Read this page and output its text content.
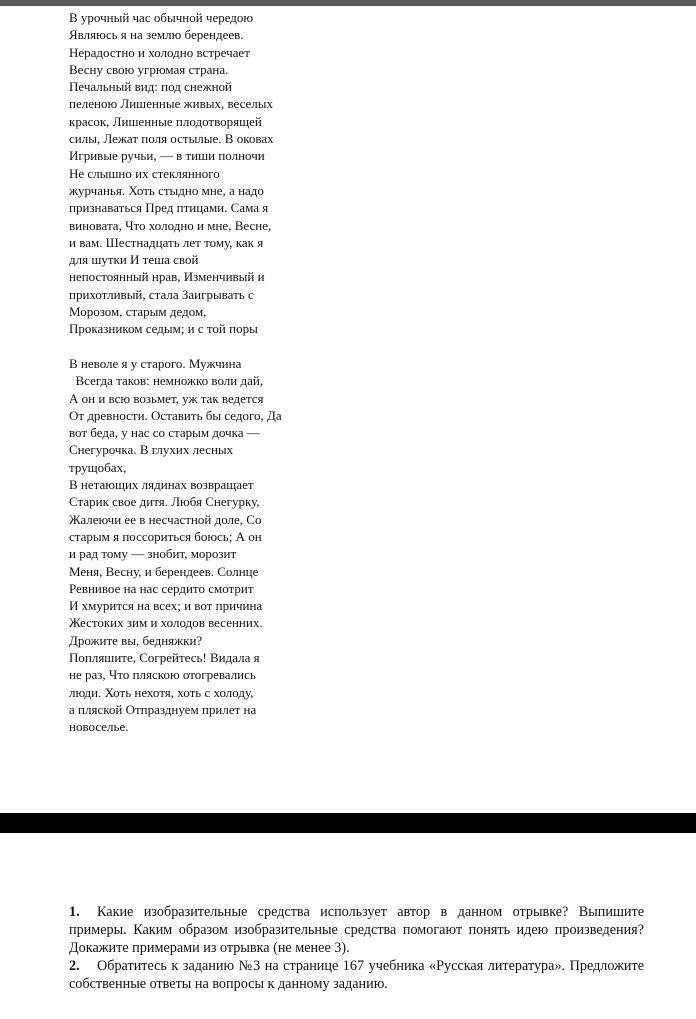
В урочный час обычной чередою
Являюсь я на землю берендеев.
Нерадостно и холодно встречает
Весну свою угрюмая страна.
Печальный вид: под снежной
пеленою Лишенные живых, веселых
красок, Лишенные плодотворящей
силы, Лежат поля остылые. В оковах
Игривые ручьи, — в тиши полночи
Не слышно их стеклянного
журчанья. Хоть стыдно мне, а надо
признаваться Пред птицами. Сама я
виновата, Что холодно и мне, Весне,
и вам. Шестнадцать лет тому, как я
для шутки И теша свой
непостоянный нрав, Изменчивый и
прихотливый, стала Заигрывать с
Морозом, старым дедом,
Проказником седым; и с той поры
В неволе я у старого. Мужчина
Всегда таков: немножко воли дай,
А он и всю возьмет, уж так ведется
От древности. Оставить бы седого, Да
вот беда, у нас со старым дочка —
Снегурочка. В глухих лесных
трущобах,
В нетающих лядинах возвращает
Старик свое дитя. Любя Снегурку,
Жалеючи ее в несчастной доле, Со
старым я поссориться боюсь; А он
и рад тому — знобит, морозит
Меня, Весну, и берендеев. Солнце
Ревнивое на нас сердито смотрит
И хмурится на всех; и вот причина
Жестоких зим и холодов весенних.
Дрожите вы, бедняжки?
Попляшите, Согрейтесь! Видала я
не раз, Что пляскою отогревались
люди. Хоть нехотя, хоть с холоду,
а пляской Отпразднуем прилет на
новоселье.
1. Какие изобразительные средства использует автор в данном отрывке? Выпишите примеры. Каким образом изобразительные средства помогают понять идею произведения? Докажите примерами из отрывка (не менее 3).
2. Обратитесь к заданию №3 на странице 167 учебника «Русская литература». Предложите собственные ответы на вопросы к данному заданию.
